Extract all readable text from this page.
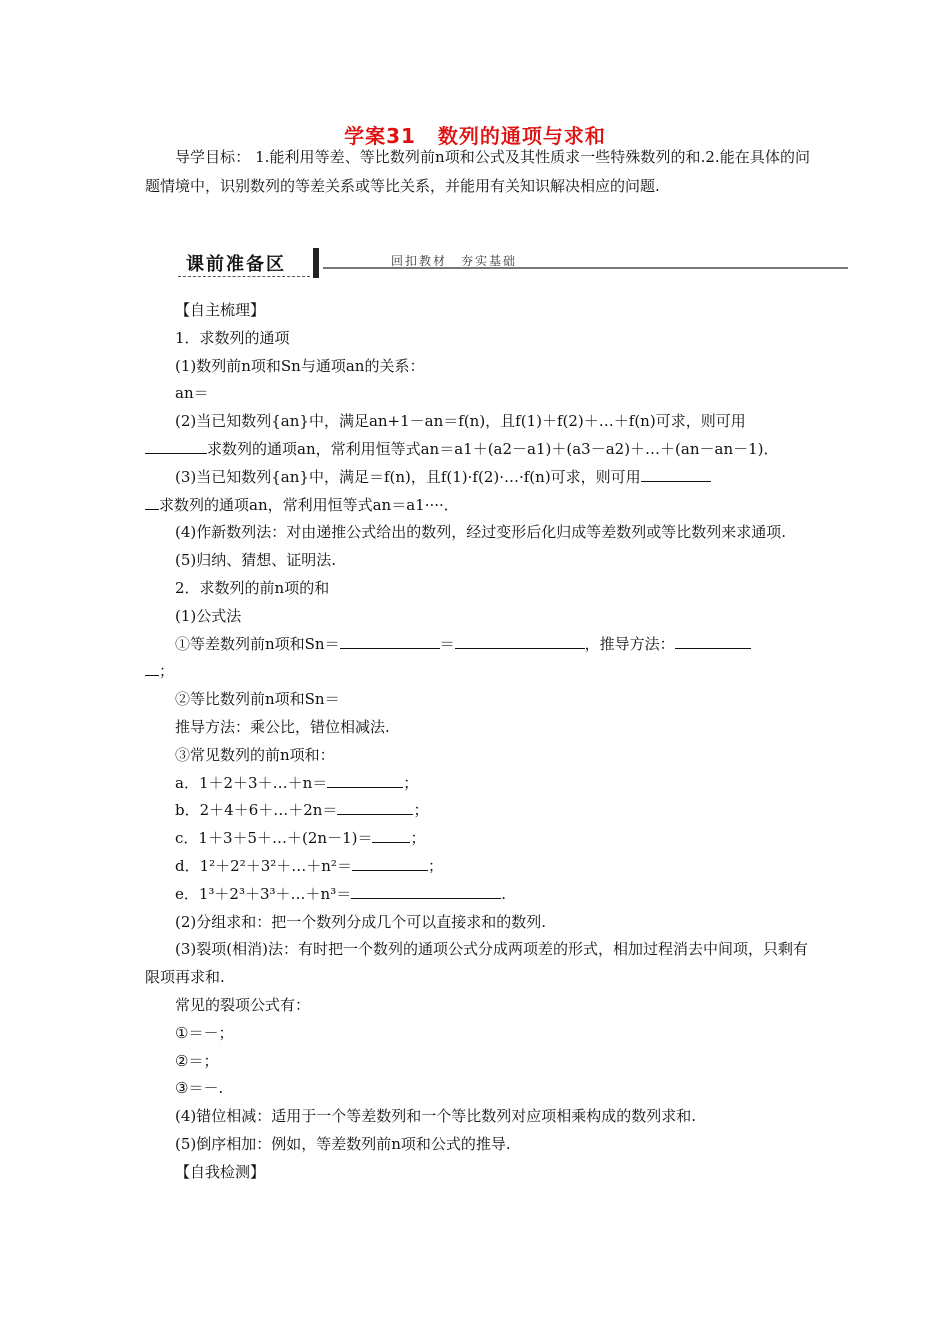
学案31 数列的通项与求和
导学目标： 1.能利用等差、等比数列前n项和公式及其性质求一些特殊数列的和.2.能在具体的问题情境中，识别数列的等差关系或等比关系，并能用有关知识解决相应的问题.
课前准备区	回扣教材　夯实基础
【自主梳理】
1．求数列的通项
(1)数列前n项和Sn与通项an的关系：
an＝
(2)当已知数列{an}中，满足an+1－an＝f(n)，且f(1)＋f(2)＋…＋f(n)可求，则可用
求数列的通项an，常利用恒等式an＝a1＋(a2－a1)＋(a3－a2)＋…＋(an－an－1)．
(3)当已知数列{an}中，满足＝f(n)，且f(1)·f(2)·…·f(n)可求，则可用
求数列的通项an，常利用恒等式an＝a1····．
(4)作新数列法：对由递推公式给出的数列，经过变形后化归成等差数列或等比数列来求通项.
(5)归纳、猜想、证明法.
2．求数列的前n项的和
(1)公式法
①等差数列前n项和Sn＝	＝	，推导方法：
；
②等比数列前n项和Sn＝
推导方法：乘公比，错位相减法.
③常见数列的前n项和：
a．1＋2＋3＋…＋n＝	；
b．2＋4＋6＋…＋2n＝	；
c．1＋3＋5＋…＋(2n－1)＝	；
d．1²＋2²＋3²＋…＋n²＝	；
e．1³＋2³＋3³＋…＋n³＝	.
(2)分组求和：把一个数列分成几个可以直接求和的数列.
(3)裂项(相消)法：有时把一个数列的通项公式分成两项差的形式，相加过程消去中间项，只剩有限项再求和.
常见的裂项公式有：
①＝－；
②＝；
③＝－.
(4)错位相减：适用于一个等差数列和一个等比数列对应项相乘构成的数列求和.
(5)倒序相加：例如，等差数列前n项和公式的推导.
【自我检测】
